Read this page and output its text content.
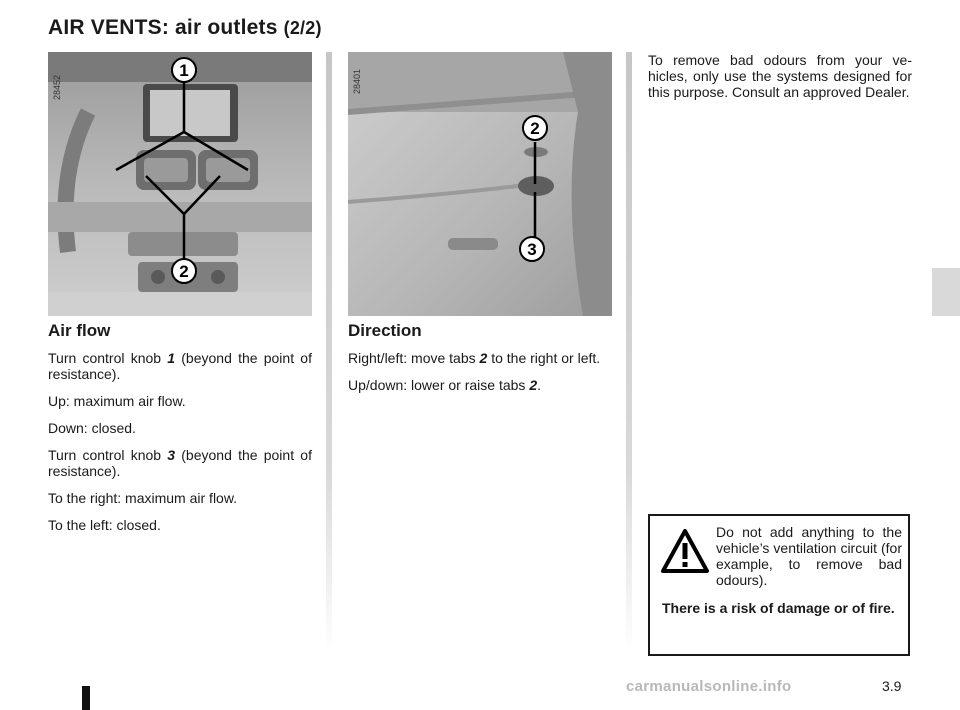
AIR VENTS: air outlets (2/2)
1
2
28452
2
3
28401
Air flow

Turn control knob 1 (beyond the point of resistance).

Up: maximum air flow.

Down: closed.

Turn control knob 3 (beyond the point of resistance).

To the right: maximum air flow.

To the left: closed.

Direction

Right/left: move tabs 2 to the right or left.

Up/down: lower or raise tabs 2.

To remove bad odours from your ve-hicles, only use the systems designed for this purpose. Consult an approved Dealer.

Do not add anything to the vehicle’s ventilation circuit (for example, to remove bad odours).
There is a risk of damage or of fire.
carmanualsonline.info	3.9
